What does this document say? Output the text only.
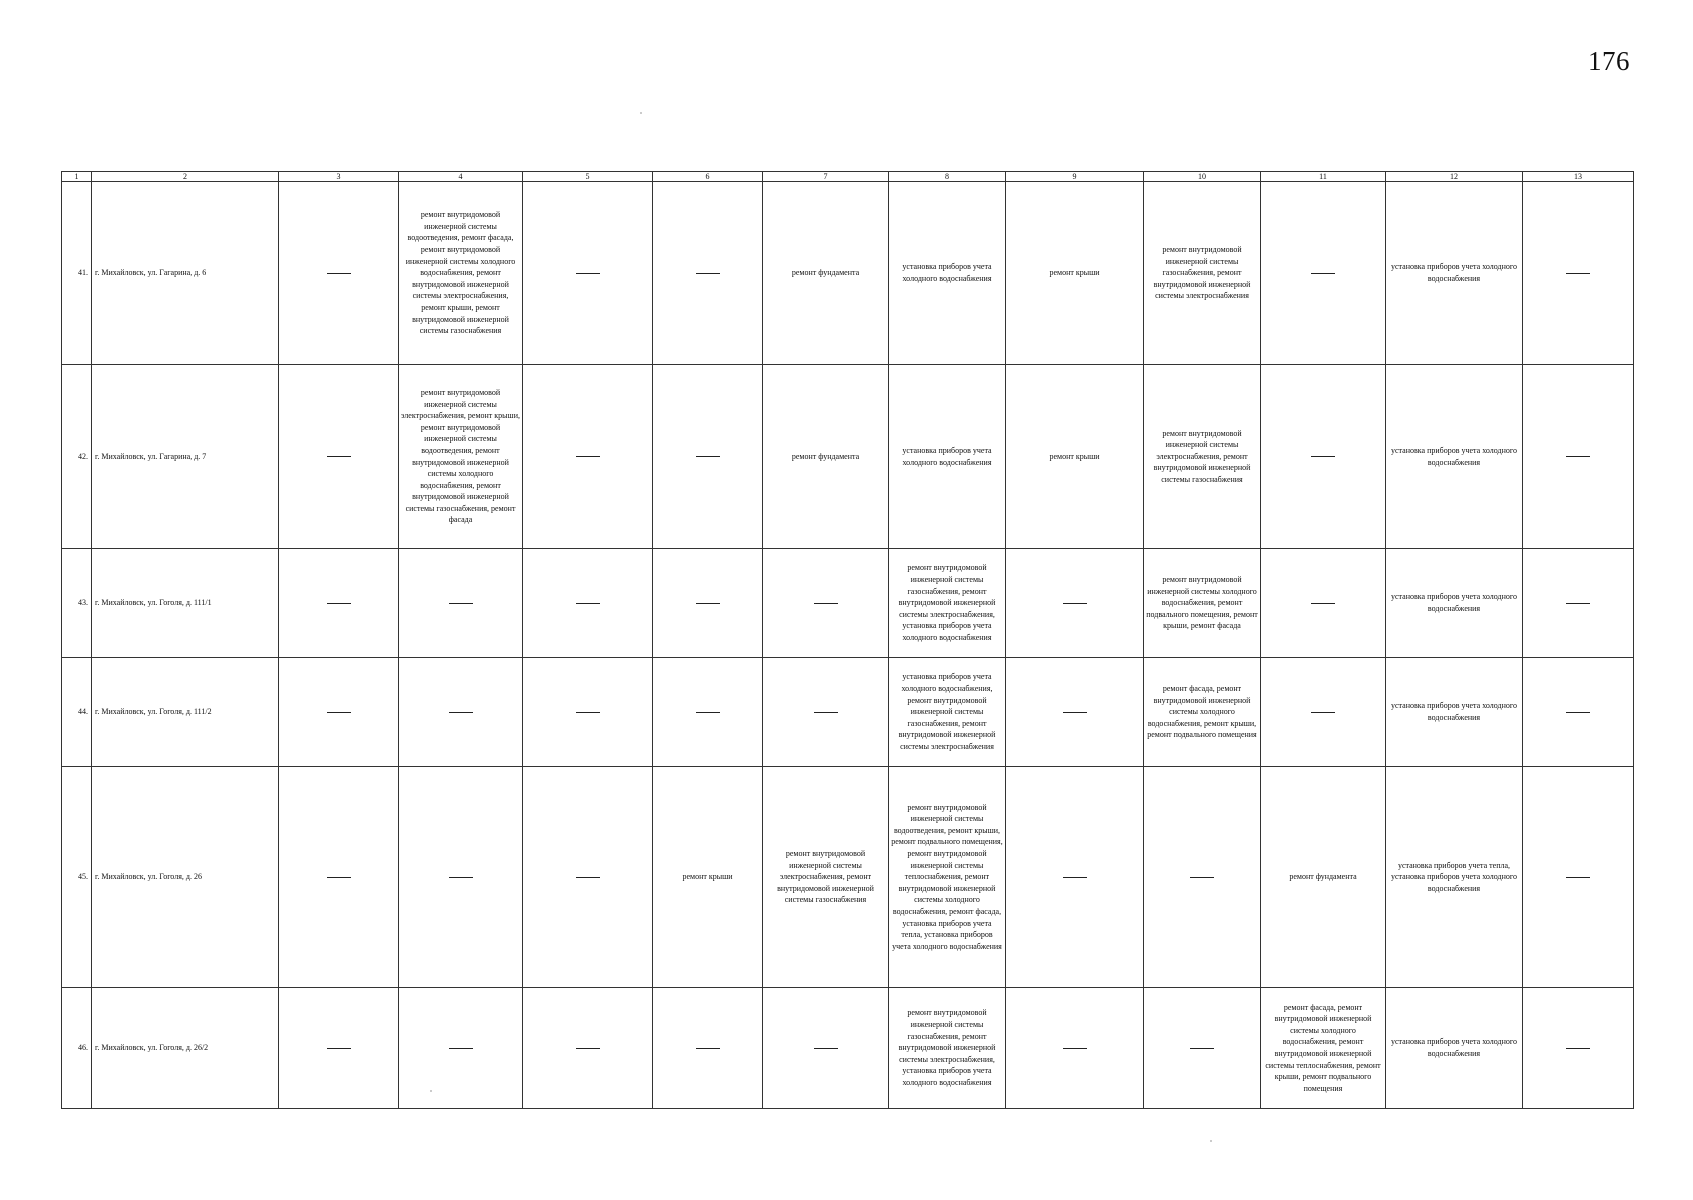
176
1	2	3	4	5	6	7	8	9	10	11	12	13
41.	г. Михайловск, ул. Гагарина, д. 6		ремонт внутридомовой инженерной системы водоотведения, ремонт фасада, ремонт внутридомовой инженерной системы холодного водоснабжения, ремонт внутридомовой инженерной системы электроснабжения, ремонт крыши, ремонт внутридомовой инженерной системы газоснабжения			ремонт фундамента	установка приборов учета холодного водоснабжения	ремонт крыши	ремонт внутридомовой инженерной системы газоснабжения, ремонт внутридомовой инженерной системы электроснабжения		установка приборов учета холодного водоснабжения	
42.	г. Михайловск, ул. Гагарина, д. 7		ремонт внутридомовой инженерной системы электроснабжения, ремонт крыши, ремонт внутридомовой инженерной системы водоотведения, ремонт внутридомовой инженерной системы холодного водоснабжения, ремонт внутридомовой инженерной системы газоснабжения, ремонт фасада			ремонт фундамента	установка приборов учета холодного водоснабжения	ремонт крыши	ремонт внутридомовой инженерной системы электроснабжения, ремонт внутридомовой инженерной системы газоснабжения		установка приборов учета холодного водоснабжения	
43.	г. Михайловск, ул. Гоголя, д. 111/1						ремонт внутридомовой инженерной системы газоснабжения, ремонт внутридомовой инженерной системы электроснабжения, установка приборов учета холодного водоснабжения		ремонт внутридомовой инженерной системы холодного водоснабжения, ремонт подвального помещения, ремонт крыши, ремонт фасада		установка приборов учета холодного водоснабжения	
44.	г. Михайловск, ул. Гоголя, д. 111/2						установка приборов учета холодного водоснабжения, ремонт внутридомовой инженерной системы газоснабжения, ремонт внутридомовой инженерной системы электроснабжения		ремонт фасада, ремонт внутридомовой инженерной системы холодного водоснабжения, ремонт крыши, ремонт подвального помещения		установка приборов учета холодного водоснабжения	
45.	г. Михайловск, ул. Гоголя, д. 26				ремонт крыши	ремонт внутридомовой инженерной системы электроснабжения, ремонт внутридомовой инженерной системы газоснабжения	ремонт внутридомовой инженерной системы водоотведения, ремонт крыши, ремонт подвального помещения, ремонт внутридомовой инженерной системы теплоснабжения, ремонт внутридомовой инженерной системы холодного водоснабжения, ремонт фасада, установка приборов учета тепла, установка приборов учета холодного водоснабжения			ремонт фундамента	установка приборов учета тепла, установка приборов учета холодного водоснабжения	
46.	г. Михайловск, ул. Гоголя, д. 26/2						ремонт внутридомовой инженерной системы газоснабжения, ремонт внутридомовой инженерной системы электроснабжения, установка приборов учета холодного водоснабжения			ремонт фасада, ремонт внутридомовой инженерной системы холодного водоснабжения, ремонт внутридомовой инженерной системы теплоснабжения, ремонт крыши, ремонт подвального помещения	установка приборов учета холодного водоснабжения	
